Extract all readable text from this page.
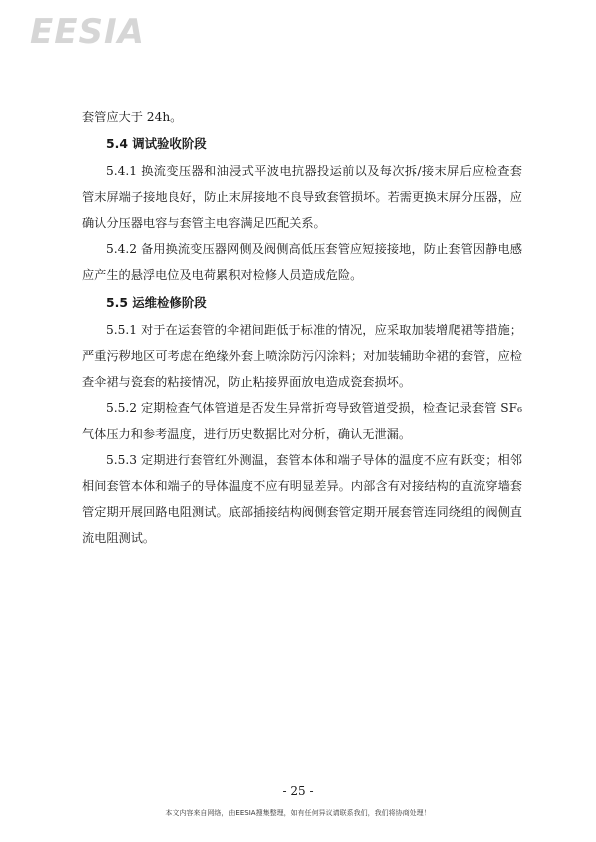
EESIA

套管应大于 24h。

5.4 调试验收阶段

5.4.1 换流变压器和油浸式平波电抗器投运前以及每次拆/接末屏后应检查套管末屏端子接地良好，防止末屏接地不良导致套管损坏。若需更换末屏分压器，应确认分压器电容与套管主电容满足匹配关系。

5.4.2 备用换流变压器网侧及阀侧高低压套管应短接接地，防止套管因静电感应产生的悬浮电位及电荷累积对检修人员造成危险。

5.5 运维检修阶段

5.5.1 对于在运套管的伞裙间距低于标准的情况，应采取加装增爬裙等措施；严重污秽地区可考虑在绝缘外套上喷涂防污闪涂料；对加装辅助伞裙的套管，应检查伞裙与瓷套的粘接情况，防止粘接界面放电造成瓷套损坏。

5.5.2 定期检查气体管道是否发生异常折弯导致管道受损，检查记录套管 SF₆气体压力和参考温度，进行历史数据比对分析，确认无泄漏。

5.5.3 定期进行套管红外测温，套管本体和端子导体的温度不应有跃变；相邻相间套管本体和端子的导体温度不应有明显差异。内部含有对接结构的直流穿墙套管定期开展回路电阻测试。底部插接结构阀侧套管定期开展套管连同绕组的阀侧直流电阻测试。

- 25 -
本文内容来自网络，由EESIA搜集整理，如有任何异议请联系我们，我们将协商处理！
